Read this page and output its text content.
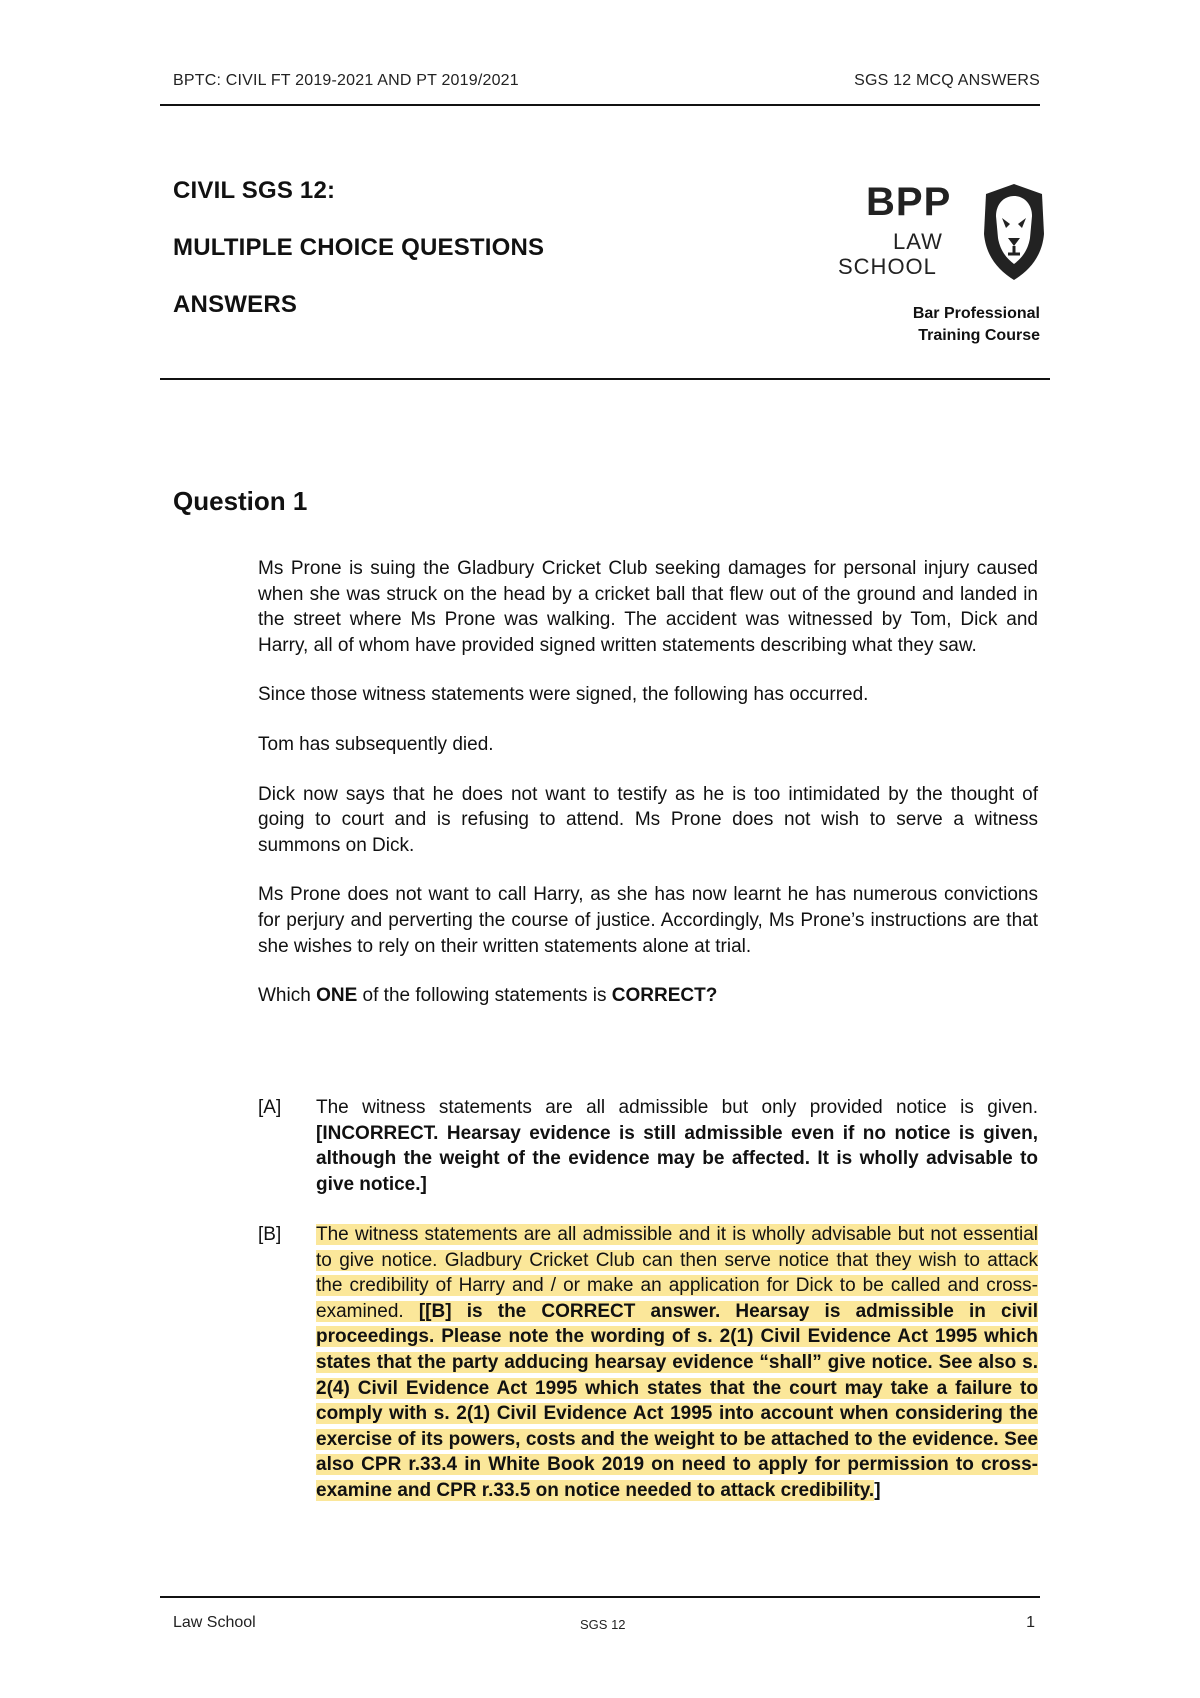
BPTC: CIVIL FT 2019-2021 AND PT 2019/2021	SGS 12 MCQ ANSWERS
CIVIL SGS 12:
MULTIPLE CHOICE QUESTIONS
ANSWERS
BPP
LAW
SCHOOL
Bar Professional
Training Course
Question 1

Ms Prone is suing the Gladbury Cricket Club seeking damages for personal injury caused when she was struck on the head by a cricket ball that flew out of the ground and landed in the street where Ms Prone was walking. The accident was witnessed by Tom, Dick and Harry, all of whom have provided signed written statements describing what they saw.

Since those witness statements were signed, the following has occurred.

Tom has subsequently died.

Dick now says that he does not want to testify as he is too intimidated by the thought of going to court and is refusing to attend. Ms Prone does not wish to serve a witness summons on Dick.

Ms Prone does not want to call Harry, as she has now learnt he has numerous convictions for perjury and perverting the course of justice. Accordingly, Ms Prone’s instructions are that she wishes to rely on their written statements alone at trial.

Which ONE of the following statements is CORRECT?

[A] The witness statements are all admissible but only provided notice is given. [INCORRECT. Hearsay evidence is still admissible even if no notice is given, although the weight of the evidence may be affected. It is wholly advisable to give notice.]
[B] The witness statements are all admissible and it is wholly advisable but not essential to give notice. Gladbury Cricket Club can then serve notice that they wish to attack the credibility of Harry and / or make an application for Dick to be called and cross-examined. [[B] is the CORRECT answer. Hearsay is admissible in civil proceedings. Please note the wording of s. 2(1) Civil Evidence Act 1995 which states that the party adducing hearsay evidence “shall” give notice. See also s. 2(4) Civil Evidence Act 1995 which states that the court may take a failure to comply with s. 2(1) Civil Evidence Act 1995 into account when considering the exercise of its powers, costs and the weight to be attached to the evidence. See also CPR r.33.4 in White Book 2019 on need to apply for permission to cross-examine and CPR r.33.5 on notice needed to attack credibility.]
Law School	SGS 12	1
